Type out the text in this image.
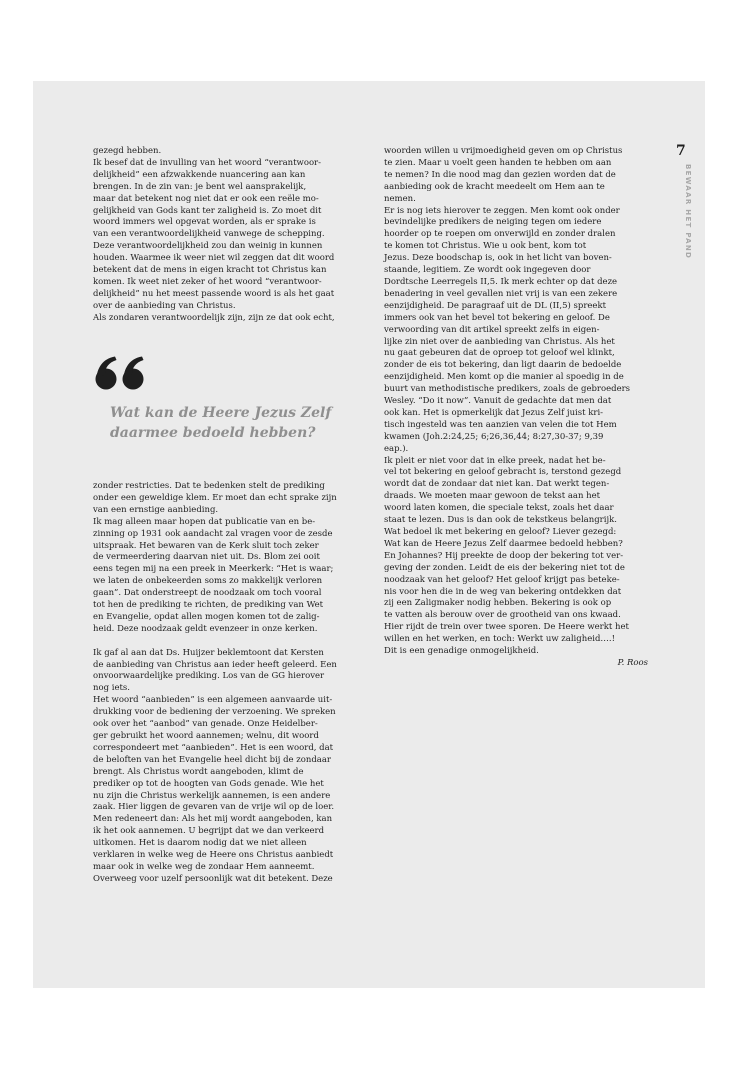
7
BEWAAR HET PAND

gezegd hebben.

Ik besef dat de invulling van het woord “verantwoor-

delijkheid” een afzwakkende nuancering aan kan

brengen. In de zin van: je bent wel aansprakelijk,

maar dat betekent nog niet dat er ook een reële mo-

gelijkheid van Gods kant ter zaligheid is. Zo moet dit

woord immers wel opgevat worden, als er sprake is

van een verantwoordelijkheid vanwege de schepping.

Deze verantwoordelijkheid zou dan weinig in kunnen

houden. Waarmee ik weer niet wil zeggen dat dit woord

betekent dat de mens in eigen kracht tot Christus kan

komen. Ik weet niet zeker of het woord “verantwoor-

delijkheid” nu het meest passende woord is als het gaat

over de aanbieding van Christus.

Als zondaren verantwoordelijk zijn, zijn ze dat ook echt,

Wat kan de Heere Jezus Zelf
daarmee bedoeld hebben?

zonder restricties. Dat te bedenken stelt de prediking

onder een geweldige klem. Er moet dan echt sprake zijn

van een ernstige aanbieding.

Ik mag alleen maar hopen dat publicatie van en be-

zinning op 1931 ook aandacht zal vragen voor de zesde

uitspraak. Het bewaren van de Kerk sluit toch zeker

de vermeerdering daarvan niet uit. Ds. Blom zei ooit

eens tegen mij na een preek in Meerkerk: “Het is waar;

we laten de onbekeerden soms zo makkelijk verloren

gaan”. Dat onderstreept de noodzaak om toch vooral

tot hen de prediking te richten, de prediking van Wet

en Evangelie, opdat allen mogen komen tot de zalig-

heid. Deze noodzaak geldt evenzeer in onze kerken.

Ik gaf al aan dat Ds. Huijzer beklemtoont dat Kersten

de aanbieding van Christus aan ieder heeft geleerd. Een

onvoorwaardelijke prediking. Los van de GG hierover

nog iets.

Het woord “aanbieden” is een algemeen aanvaarde uit-

drukking voor de bediening der verzoening. We spreken

ook over het “aanbod” van genade. Onze Heidelber-

ger gebruikt het woord aannemen; welnu, dit woord

correspondeert met “aanbieden”. Het is een woord, dat

de beloften van het Evangelie heel dicht bij de zondaar

brengt. Als Christus wordt aangeboden, klimt de

prediker op tot de hoogten van Gods genade. Wie het

nu zijn die Christus werkelijk aannemen, is een andere

zaak. Hier liggen de gevaren van de vrije wil op de loer.

Men redeneert dan: Als het mij wordt aangeboden, kan

ik het ook aannemen. U begrijpt dat we dan verkeerd

uitkomen. Het is daarom nodig dat we niet alleen

verklaren in welke weg de Heere ons Christus aanbiedt

maar ook in welke weg de zondaar Hem aanneemt.

Overweeg voor uzelf persoonlijk wat dit betekent. Deze

woorden willen u vrijmoedigheid geven om op Christus

te zien. Maar u voelt geen handen te hebben om aan

te nemen? In die nood mag dan gezien worden dat de

aanbieding ook de kracht meedeelt om Hem aan te

nemen.

Er is nog iets hierover te zeggen. Men komt ook onder

bevindelijke predikers de neiging tegen om iedere

hoorder op te roepen om onverwijld en zonder dralen

te komen tot Christus. Wie u ook bent, kom tot

Jezus. Deze boodschap is, ook in het licht van boven-

staande, legitiem. Ze wordt ook ingegeven door

Dordtsche Leerregels II,5. Ik merk echter op dat deze

benadering in veel gevallen niet vrij is van een zekere

eenzijdigheid. De paragraaf uit de DL (II,5) spreekt

immers ook van het bevel tot bekering en geloof. De

verwoording van dit artikel spreekt zelfs in eigen-

lijke zin niet over de aanbieding van Christus. Als het

nu gaat gebeuren dat de oproep tot geloof wel klinkt,

zonder de eis tot bekering, dan ligt daarin de bedoelde

eenzijdigheid. Men komt op die manier al spoedig in de

buurt van methodistische predikers, zoals de gebroeders

Wesley. “Do it now”. Vanuit de gedachte dat men dat

ook kan. Het is opmerkelijk dat Jezus Zelf juist kri-

tisch ingesteld was ten aanzien van velen die tot Hem

kwamen (Joh.2:24,25; 6;26,36,44; 8:27,30-37; 9,39

eap.).

Ik pleit er niet voor dat in elke preek, nadat het be-

vel tot bekering en geloof gebracht is, terstond gezegd

wordt dat de zondaar dat niet kan. Dat werkt tegen-

draads. We moeten maar gewoon de tekst aan het

woord laten komen, die speciale tekst, zoals het daar

staat te lezen. Dus is dan ook de tekstkeus belangrijk.

Wat bedoel ik met bekering en geloof? Liever gezegd:

Wat kan de Heere Jezus Zelf daarmee bedoeld hebben?

En Johannes? Hij preekte de doop der bekering tot ver-

geving der zonden. Leidt de eis der bekering niet tot de

noodzaak van het geloof? Het geloof krijgt pas beteke-

nis voor hen die in de weg van bekering ontdekken dat

zij een Zaligmaker nodig hebben. Bekering is ook op

te vatten als berouw over de grootheid van ons kwaad.

Hier rijdt de trein over twee sporen. De Heere werkt het

willen en het werken, en toch: Werkt uw zaligheid….!

Dit is een genadige onmogelijkheid.

P. Roos
